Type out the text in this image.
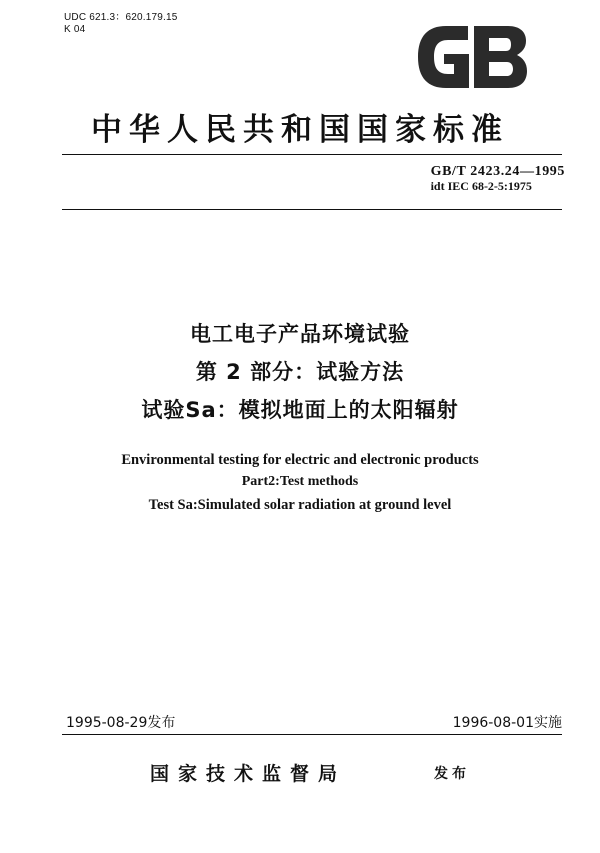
UDC 621.3：620.179.15
K 04
中华人民共和国国家标准
GB/T 2423.24—1995
idt IEC 68-2-5:1975
电工电子产品环境试验
第 2 部分：试验方法
试验Sa：模拟地面上的太阳辐射
Environmental testing for electric and electronic products
Part2:Test methods
Test Sa:Simulated solar radiation at ground level
1995-08-29发布	1996-08-01实施
国家技术监督局	发布
